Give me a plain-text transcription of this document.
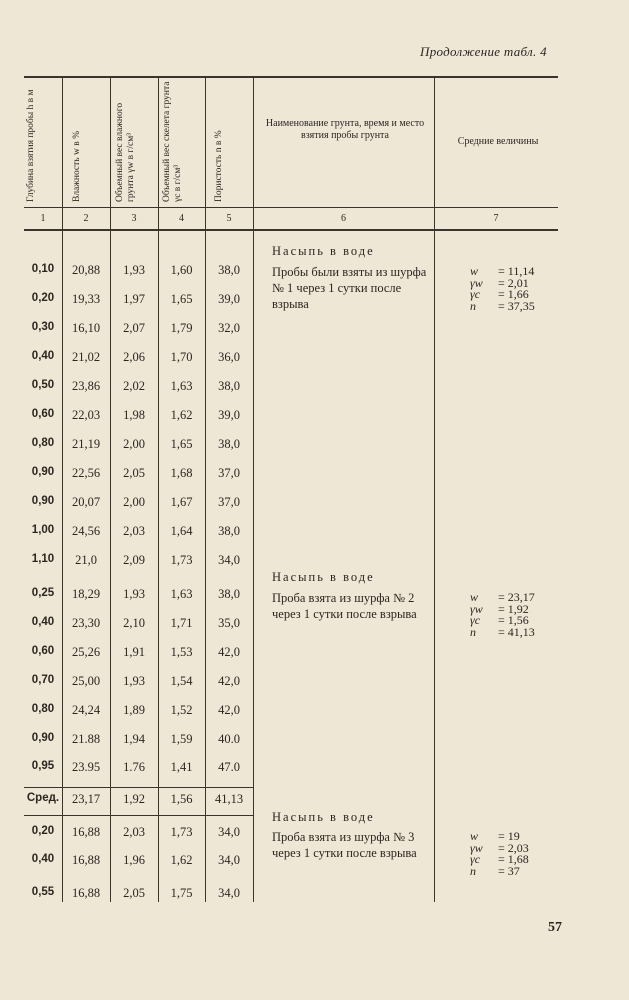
Продолжение табл. 4
Глубина взятия пробы h в м	Влажность w в %	Объемный вес влажного грунта γw в г/см³	Объемный вес скелета грунта γc в г/см³	Пористость n в %
Наименование грунта, время и место взятия пробы грунта
Средние величины
1	2	3	4	5	6	7
0,10	20,88	1,93	1,60	38,0
0,20	19,33	1,97	1,65	39,0
0,30	16,10	2,07	1,79	32,0
0,40	21,02	2,06	1,70	36,0
0,50	23,86	2,02	1,63	38,0
0,60	22,03	1,98	1,62	39,0
0,80	21,19	2,00	1,65	38,0
0,90	22,56	2,05	1,68	37,0
0,90	20,07	2,00	1,67	37,0
1,00	24,56	2,03	1,64	38,0
1,10	21,0	2,09	1,73	34,0
0,25	18,29	1,93	1,63	38,0
0,40	23,30	2,10	1,71	35,0
0,60	25,26	1,91	1,53	42,0
0,70	25,00	1,93	1,54	42,0
0,80	24,24	1,89	1,52	42,0
0,90	21.88	1,94	1,59	40.0
0,95	23.95	1.76	1,41	47.0
Сред.	23,17	1,92	1,56	41,13
0,20	16,88	2,03	1,73	34,0
0,40	16,88	1,96	1,62	34,0
0,55	16,88	2,05	1,75	34,0
Насыпь в воде
Пробы были взяты из шурфа № 1 через 1 сутки после взрыва
w	= 11,14
γw	= 2,01
γc	= 1,66
n	= 37,35
Насыпь в воде
Проба взята из шурфа № 2 через 1 сутки после взрыва
w	= 23,17
γw	= 1,92
γc	= 1,56
n	= 41,13
Насыпь в воде
Проба взята из шурфа № 3 через 1 сутки после взрыва
w	= 19
γw	= 2,03
γc	= 1,68
n	= 37
57
